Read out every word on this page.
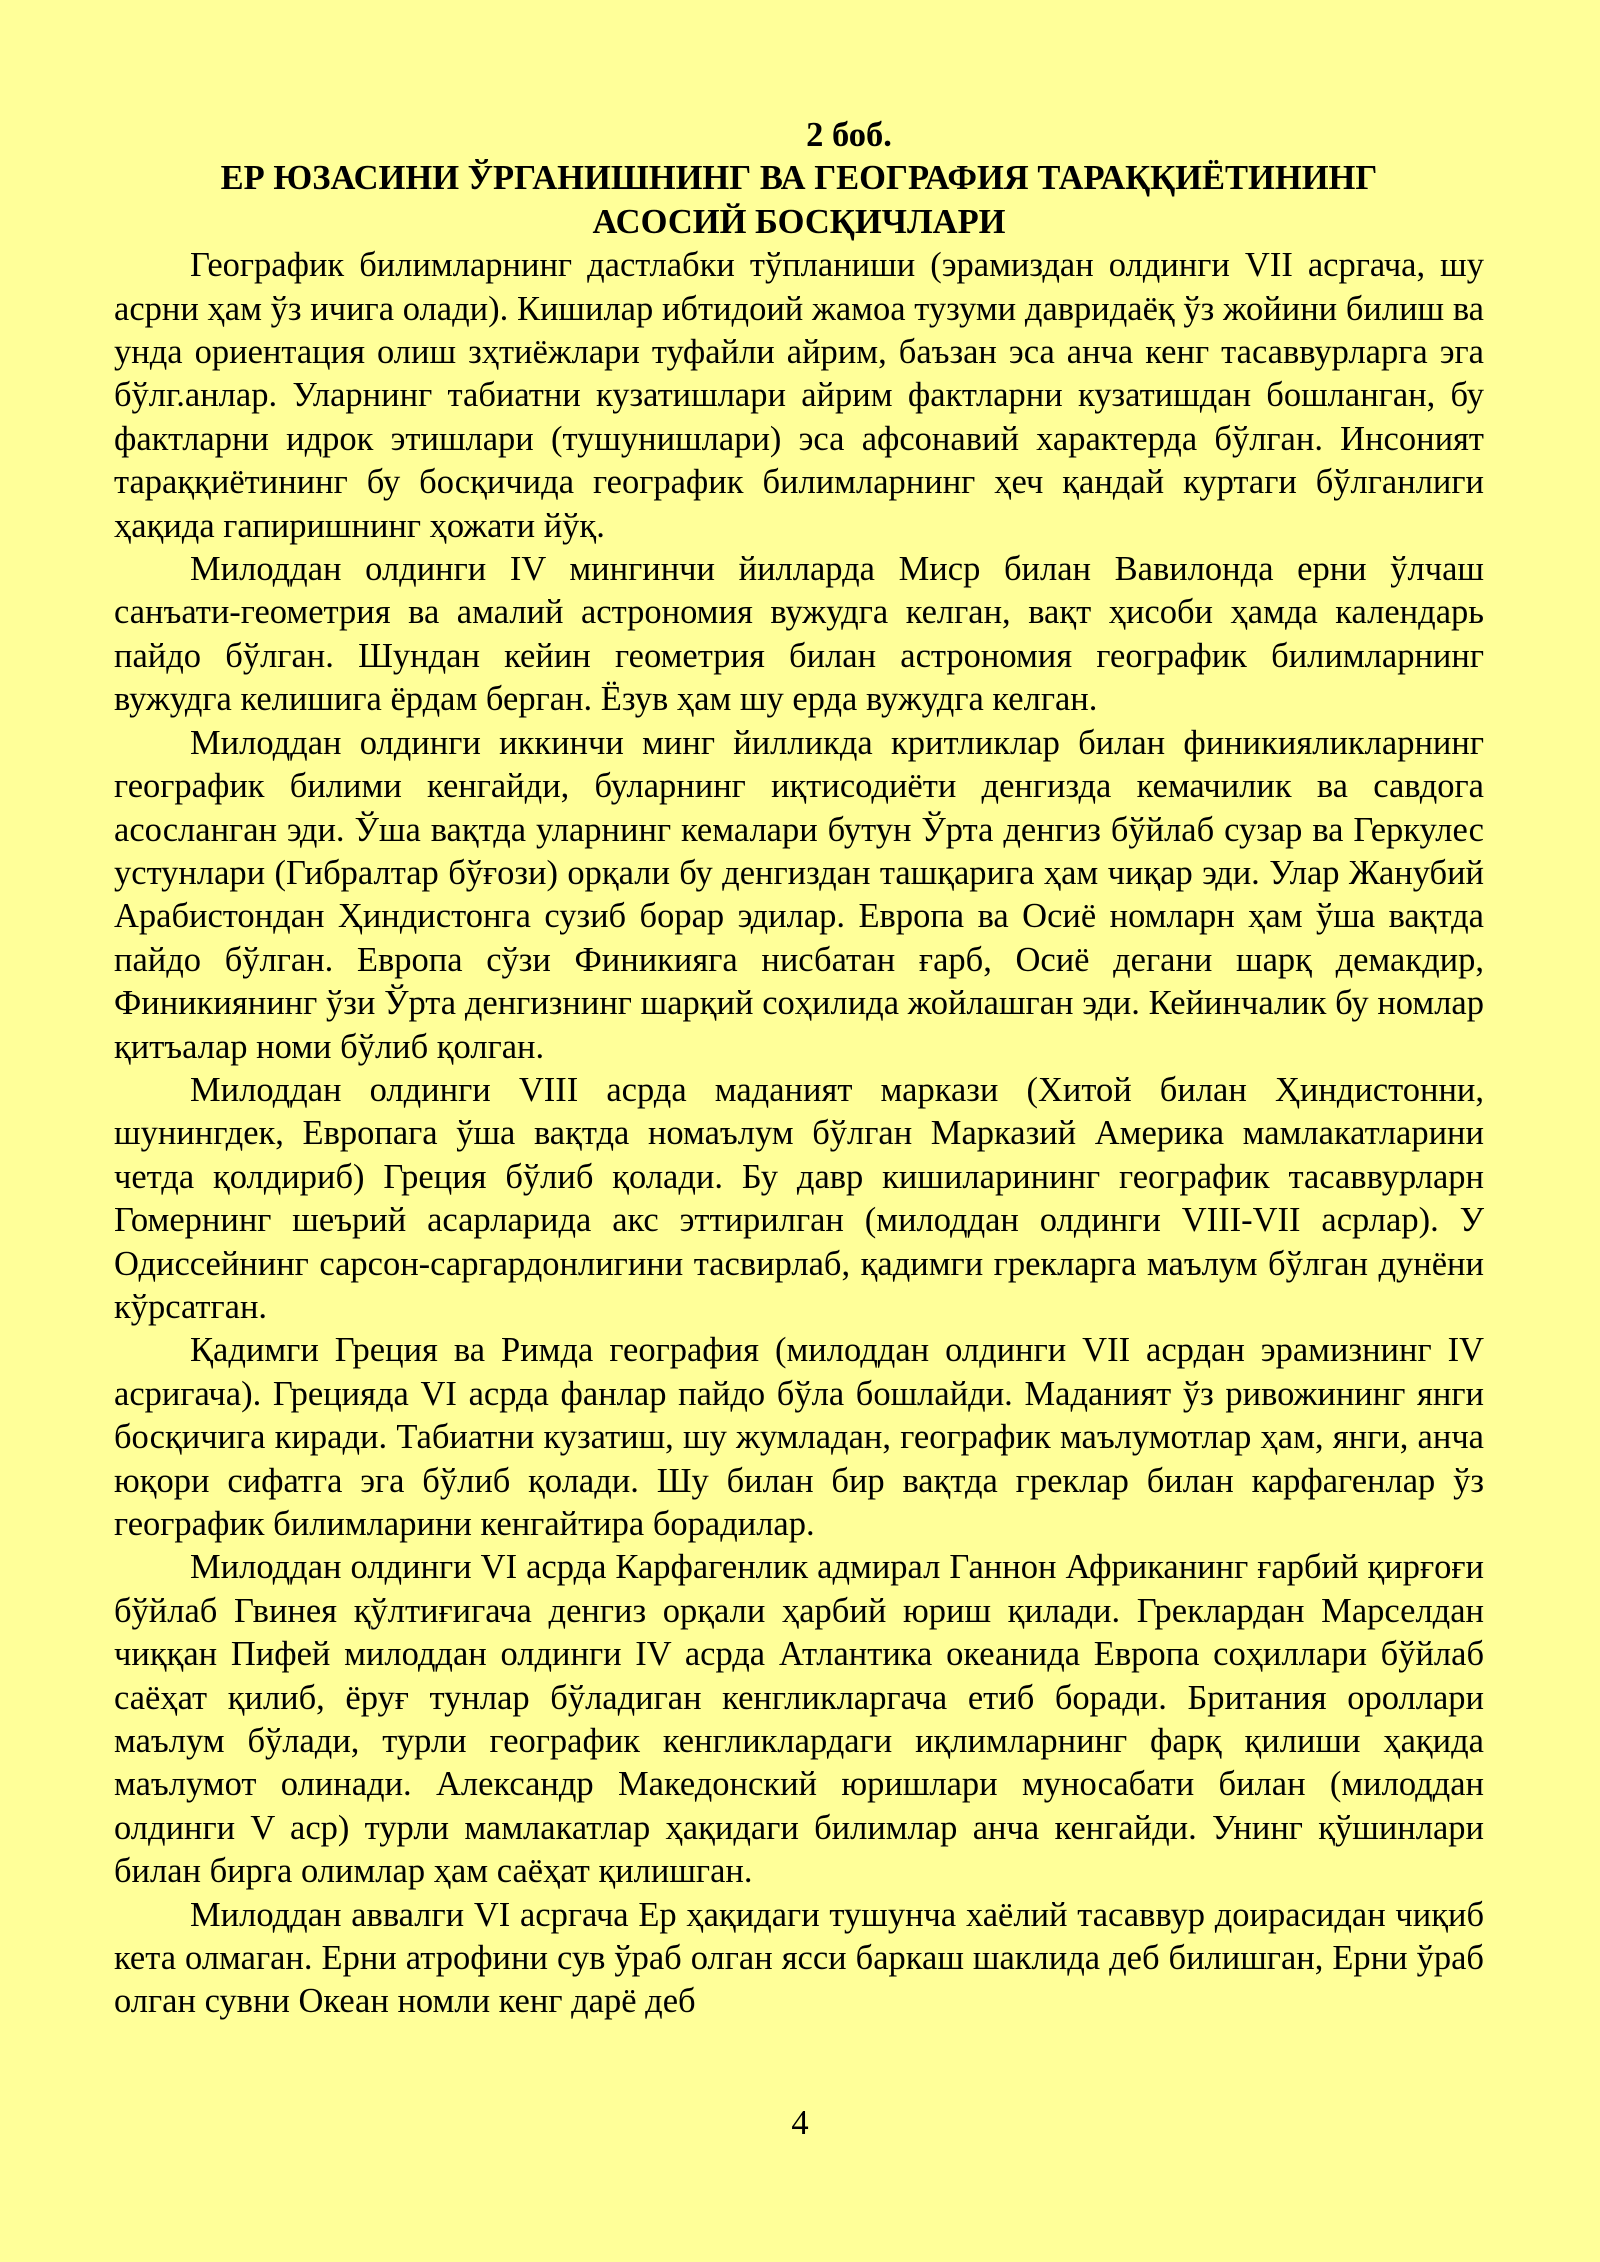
2 боб.

ЕР ЮЗАСИНИ ЎРГАНИШНИНГ ВА ГЕОГРАФИЯ ТАРАҚҚИЁТИНИНГ

АСОСИЙ БОСҚИЧЛАРИ

Географик билимларнинг дастлабки тўпланиши (эрамиздан олдинги VII асргача, шу асрни ҳам ўз ичига олади). Кишилар ибтидоий жамоа тузуми давридаёқ ўз жойини билиш ва унда ориентация олиш зҳтиёжлари туфайли айрим, баъзан эса анча кенг тасаввурларга эга бўлг.анлар. Уларнинг табиатни кузатишлари айрим фактларни кузатишдан бошланган, бу фактларни идрок этишлари (тушунишлари) эса афсонавий характерда бўлган. Инсоният тараққиётининг бу босқичида географик билимларнинг ҳеч қандай куртаги бўлганлиги ҳақида гапиришнинг ҳожати йўқ.

Милоддан олдинги IV мингинчи йилларда Миср билан Вавилонда ерни ўлчаш санъати-геометрия ва амалий астрономия вужудга келган, вақт ҳисоби ҳамда календарь пайдо бўлган. Шундан кейин геометрия билан астрономия географик билимларнинг вужудга келишига ёрдам берган. Ёзув ҳам шу ерда вужудга келган.

Милоддан олдинги иккинчи минг йилликда критликлар билан финикияликларнинг географик билими кенгайди, буларнинг иқтисодиёти денгизда кемачилик ва савдога асосланган эди. Ўша вақтда уларнинг кемалари бутун Ўрта денгиз бўйлаб сузар ва Геркулес устунлари (Гибралтар бўғози) орқали бу денгиздан ташқарига ҳам чиқар эди. Улар Жанубий Арабистондан Ҳиндистонга сузиб борар эдилар. Европа ва Осиё номларн ҳам ўша вақтда пайдо бўлган. Европа сўзи Финикияга нисбатан ғарб, Осиё дегани шарқ демакдир, Финикиянинг ўзи Ўрта денгизнинг шарқий соҳилида жойлашган эди. Кейинчалик бу номлар қитъалар номи бўлиб қолган.

Милоддан олдинги VIII асрда маданият маркази (Хитой билан Ҳиндистонни, шунингдек, Европага ўша вақтда номаълум бўлган Марказий Америка мамлакатларини четда қолдириб) Греция бўлиб қолади. Бу давр кишиларининг географик тасаввурларн Гомернинг шеърий асарларида акс эттирилган (милоддан олдинги VIII-VII асрлар). У Одиссейнинг сарсон-саргардонлигини тасвирлаб, қадимги грекларга маълум бўлган дунёни кўрсатган.

Қадимги Греция ва Римда география (милоддан олдинги VII асрдан эрамизнинг IV асригача). Грецияда VI асрда фанлар пайдо бўла бошлайди. Маданият ўз ривожининг янги босқичига киради. Табиатни кузатиш, шу жумладан, географик маълумотлар ҳам, янги, анча юқори сифатга эга бўлиб қолади. Шу билан бир вақтда греклар билан карфагенлар ўз географик билимларини кенгайтира борадилар.

Милоддан олдинги VI асрда Карфагенлик адмирал Ганнон Африканинг ғарбий қирғоғи бўйлаб Гвинея қўлтиғигача денгиз орқали ҳарбий юриш қилади. Греклардан Марселдан чиққан Пифей милоддан олдинги IV асрда Атлантика океанида Европа соҳиллари бўйлаб саёҳат қилиб, ёруғ тунлар бўладиган кенгликларгача етиб боради. Британия ороллари маълум бўлади, турли географик кенгликлардаги иқлимларнинг фарқ қилиши ҳақида маълумот олинади. Александр Македонский юришлари муносабати билан (милоддан олдинги V аср) турли мамлакатлар ҳақидаги билимлар анча кенгайди. Унинг қўшинлари билан бирга олимлар ҳам саёҳат қилишган.

Милоддан аввалги VI асргача Ер ҳақидаги тушунча хаёлий тасаввур доирасидан чиқиб кета олмаган. Ерни атрофини сув ўраб олган ясси баркаш шаклида деб билишган, Ерни ўраб олган сувни Океан номли кенг дарё деб

4
